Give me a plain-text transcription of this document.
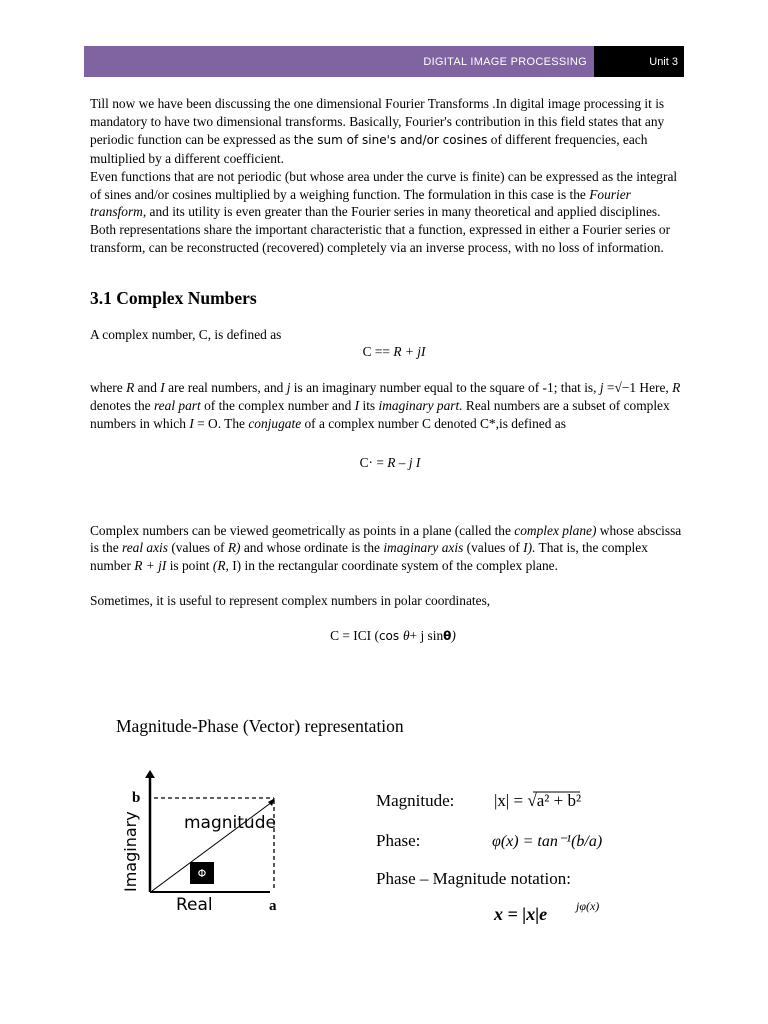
DIGITAL IMAGE PROCESSING	Unit 3

Till now we have been discussing the one dimensional Fourier Transforms .In digital image processing it is mandatory to have two dimensional transforms. Basically, Fourier's contribution in this field states that any periodic function can be expressed as the sum of sine's and/or cosines of different frequencies, each multiplied by a different coefficient.

Even functions that are not periodic (but whose area under the curve is finite) can be expressed as the integral of sines and/or cosines multiplied by a weighing function. The formulation in this case is the Fourier transform, and its utility is even greater than the Fourier series in many theoretical and applied disciplines. Both representations share the important characteristic that a function, expressed in either a Fourier series or transform, can be reconstructed (recovered) completely via an inverse process, with no loss of information.

3.1 Complex Numbers

A complex number, C, is defined as

C == R + jI

where R and I are real numbers, and j is an imaginary number equal to the square of -1; that is, j =√−1 Here, R denotes the real part of the complex number and I its imaginary part. Real numbers are a subset of complex numbers in which I = O. The conjugate of a complex number C denoted C*,is defined as

C· = R – j I

Complex numbers can be viewed geometrically as points in a plane (called the complex plane) whose abscissa is the real axis (values of R) and whose ordinate is the imaginary axis (values of I). That is, the complex number R + jI is point (R, I) in the rectangular coordinate system of the complex plane.

Sometimes, it is useful to represent complex numbers in polar coordinates,

C = ICI (cos θ+ j sinθ)

Magnitude-Phase (Vector) representation
Φ
b
magnitude
Imaginary
Real	a
Magnitude: |x| = √a² + b²
Phase:	φ(x) = tan⁻¹(b/a)
Phase – Magnitude notation:
x = |x|e jφ(x)
